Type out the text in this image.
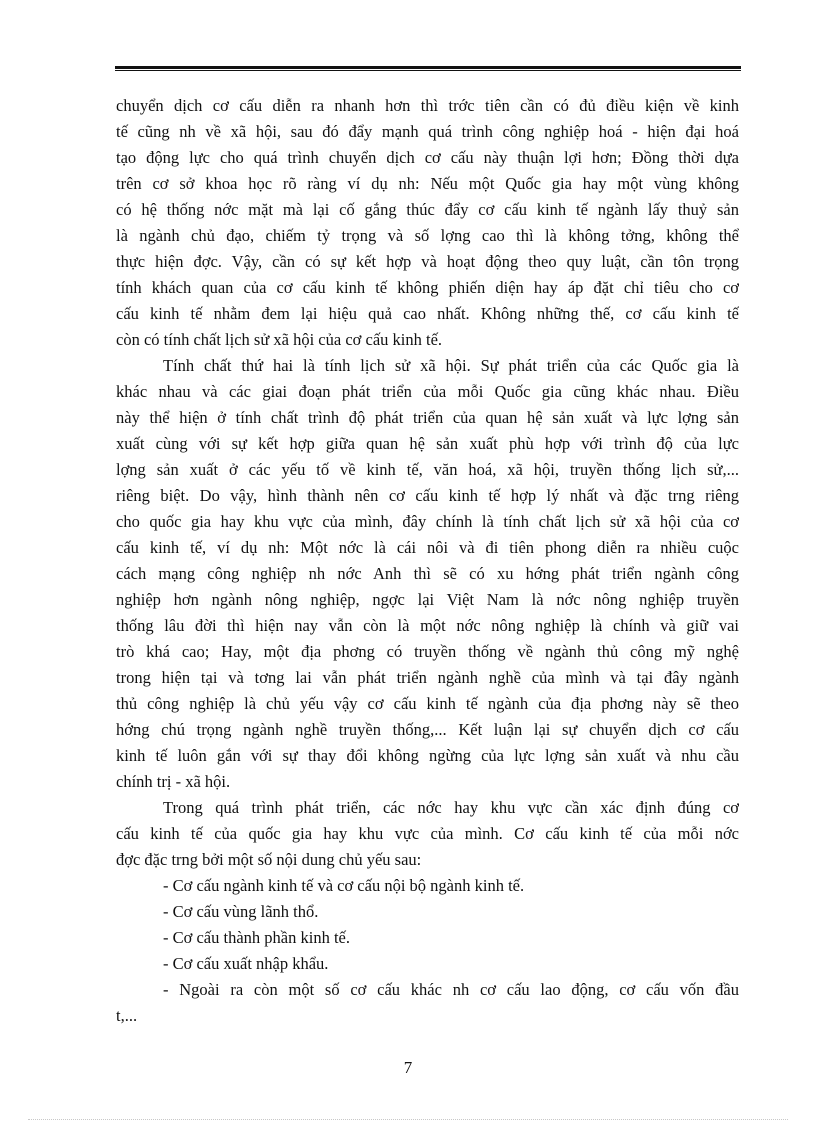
chuyển dịch cơ cấu diễn ra nhanh hơn thì trớc tiên cần có đủ điều kiện về kinh
tế cũng nh về xã hội, sau đó đẩy mạnh quá trình công nghiệp hoá - hiện đại hoá
tạo động lực cho quá trình chuyển dịch cơ cấu này thuận lợi hơn; Đồng thời dựa
trên cơ sở khoa học rõ ràng ví dụ nh: Nếu một Quốc gia hay một vùng không
có hệ thống nớc mặt mà lại cố gắng thúc đẩy cơ cấu kinh tế ngành lấy thuỷ sản
là ngành chủ đạo, chiếm tỷ trọng và số lợng cao thì là không tởng, không thể
thực hiện đợc. Vậy, cần có sự kết hợp và hoạt động theo quy luật, cần tôn trọng
tính khách quan của cơ cấu kinh tế không phiến diện hay áp đặt chỉ tiêu cho cơ
cấu kinh tế nhằm đem lại hiệu quả cao nhất. Không những thế, cơ cấu kinh tế
còn có tính chất lịch sử xã hội của cơ cấu kinh tế.
Tính chất thứ hai là tính lịch sử xã hội. Sự phát triển của các Quốc gia là
khác nhau và các giai đoạn phát triển của mỗi Quốc gia cũng khác nhau. Điều
này thể hiện ở tính chất trình độ phát triển của quan hệ sản xuất và lực lợng sản
xuất cùng với sự kết hợp giữa quan hệ sản xuất phù hợp với trình độ của lực
lợng sản xuất ở các yếu tố về kinh tế, văn hoá, xã hội, truyền thống lịch sử,...
riêng biệt. Do vậy, hình thành nên cơ cấu kinh tế hợp lý nhất và đặc trng riêng
cho quốc gia hay khu vực của mình, đây chính là tính chất lịch sử xã hội của cơ
cấu kinh tế, ví dụ nh: Một nớc là cái nôi và đi tiên phong diễn ra nhiều cuộc
cách mạng công nghiệp nh nớc Anh thì sẽ có xu hớng phát triển ngành công
nghiệp hơn ngành nông nghiệp, ngợc lại Việt Nam là nớc nông nghiệp truyền
thống lâu đời thì hiện nay vẫn còn là một nớc nông nghiệp là chính và giữ vai
trò khá cao; Hay, một địa phơng có truyền thống về ngành thủ công mỹ nghệ
trong hiện tại và tơng lai vẫn phát triển ngành nghề của mình và tại đây ngành
thủ công nghiệp là chủ yếu vậy cơ cấu kinh tế ngành của địa phơng này sẽ theo
hớng chú trọng ngành nghề truyền thống,... Kết luận lại sự chuyển dịch cơ cấu
kinh tế luôn gắn với sự thay đổi không ngừng của lực lợng sản xuất và nhu cầu
chính trị - xã hội.
Trong quá trình phát triển, các nớc hay khu vực cần xác định đúng cơ
cấu kinh tế của quốc gia hay khu vực của mình. Cơ cấu kinh tế của mỗi nớc
đợc đặc trng bởi một số nội dung chủ yếu sau:
- Cơ cấu ngành kinh tế và cơ cấu nội bộ ngành kinh tế.
- Cơ cấu vùng lãnh thổ.
- Cơ cấu thành phần kinh tế.
- Cơ cấu xuất nhập khẩu.
- Ngoài ra còn một số cơ cấu khác nh cơ cấu lao động, cơ cấu vốn đầu
t,...
7
